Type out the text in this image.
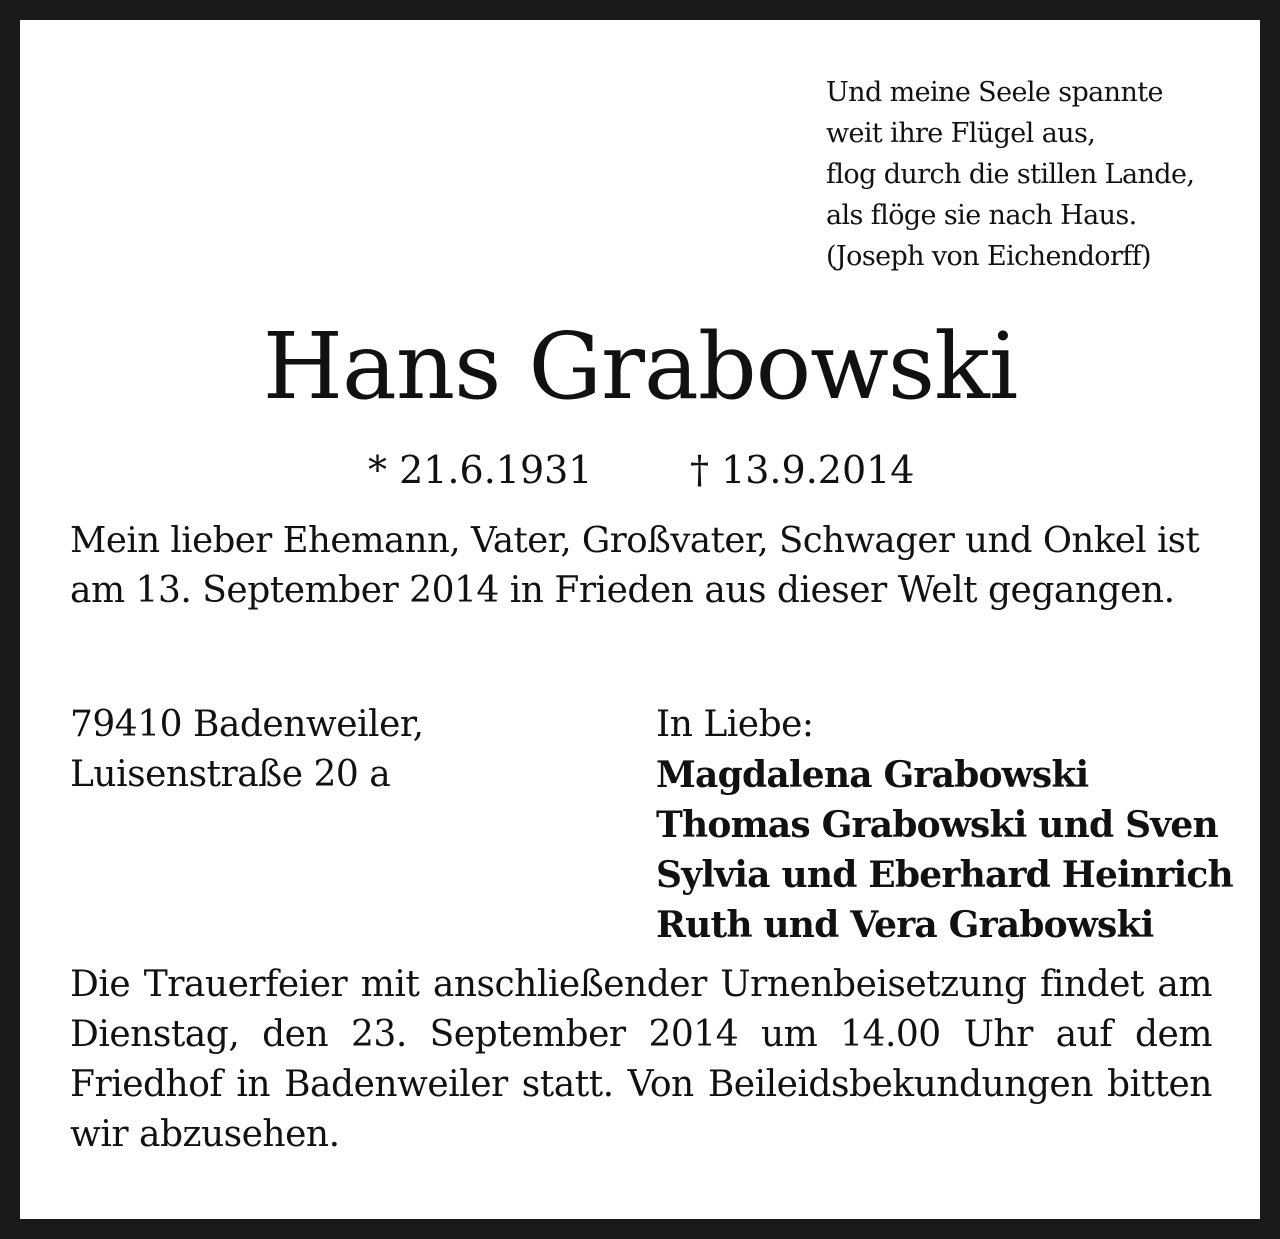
Und meine Seele spannte
weit ihre Flügel aus,
flog durch die stillen Lande,
als flöge sie nach Haus.
(Joseph von Eichendorff)
Hans Grabowski
* 21.6.1931	† 13.9.2014
Mein lieber Ehemann, Vater, Großvater, Schwager und Onkel ist
am 13. September 2014 in Frieden aus dieser Welt gegangen.
79410 Badenweiler,
Luisenstraße 20 a
In Liebe:
Magdalena Grabowski
Thomas Grabowski und Sven
Sylvia und Eberhard Heinrich
Ruth und Vera Grabowski
Die Trauerfeier mit anschließender Urnenbeisetzung findet am
Dienstag, den 23. September 2014 um 14.00 Uhr auf dem
Friedhof in Badenweiler statt. Von Beileidsbekundungen bitten
wir abzusehen.
